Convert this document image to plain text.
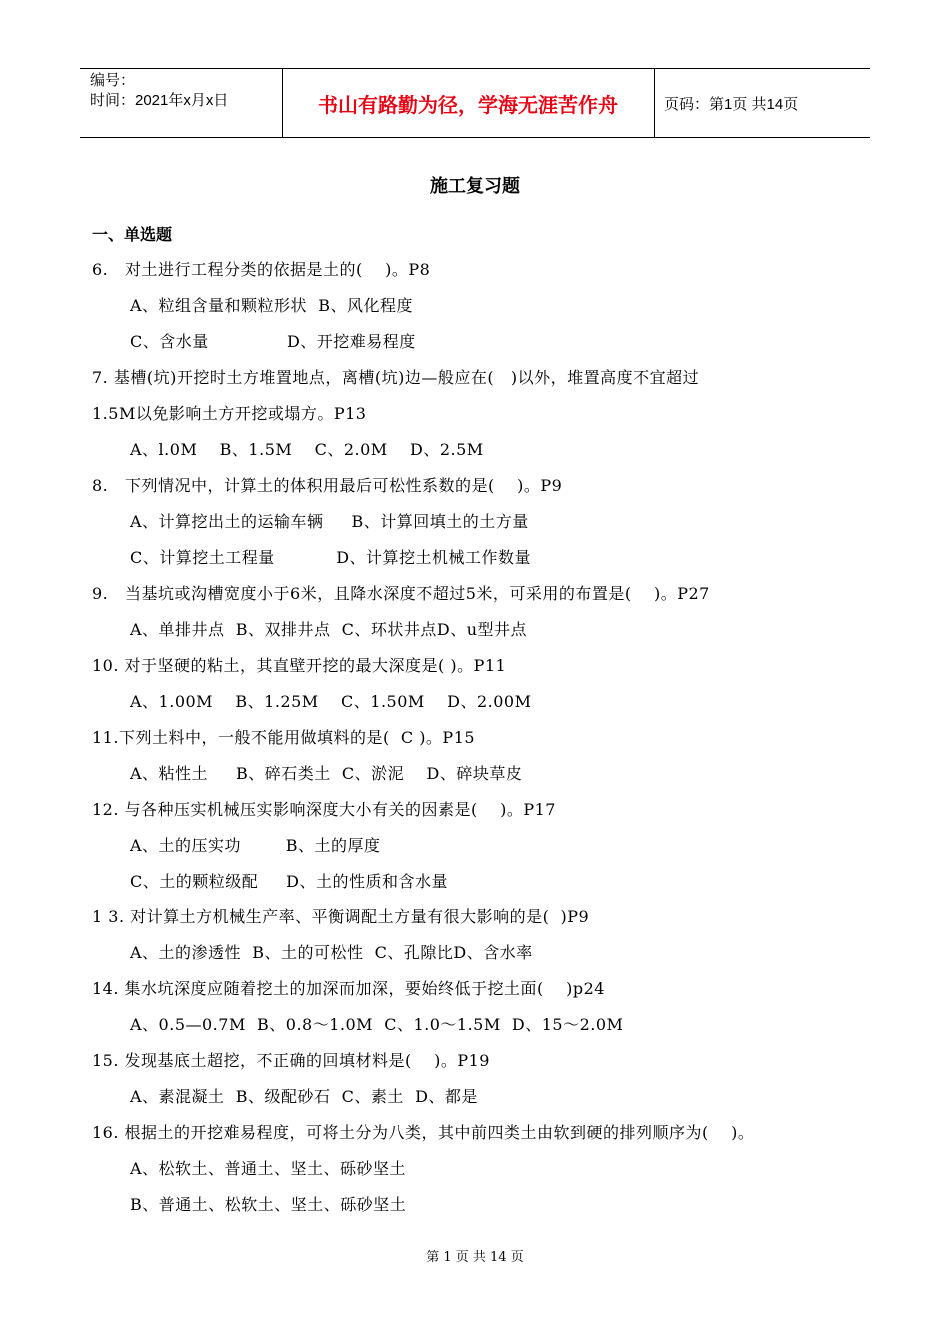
编号：
时间：2021年x月x日	书山有路勤为径，学海无涯苦作舟	页码：第1页 共14页
施工复习题
一、单选题
6.   对土进行工程分类的依据是土的(    )。P8
A、粒组含量和颗粒形状  B、风化程度
C、含水量              D、开挖难易程度
7. 基槽(坑)开挖时土方堆置地点，离槽(坑)边—般应在(   )以外，堆置高度不宜超过
1.5M以免影响土方开挖或塌方。P13
A、l.0M    B、1.5M    C、2.0M    D、2.5M
8.   下列情况中，计算土的体积用最后可松性系数的是(    )。P9
A、计算挖出土的运输车辆     B、计算回填土的土方量
C、计算挖土工程量           D、计算挖土机械工作数量
9.   当基坑或沟槽宽度小于6米，且降水深度不超过5米，可采用的布置是(    )。P27
A、单排井点  B、双排井点  C、环状井点D、u型井点
10. 对于坚硬的粘土，其直壁开挖的最大深度是( )。P11
A、1.00M    B、1.25M    C、1.50M    D、2.00M
11.下列土料中，一般不能用做填料的是(  C )。P15
A、粘性土     B、碎石类土  C、淤泥    D、碎块草皮
12. 与各种压实机械压实影响深度大小有关的因素是(    )。P17
A、土的压实功        B、土的厚度
C、土的颗粒级配     D、土的性质和含水量
1 3. 对计算土方机械生产率、平衡调配土方量有很大影响的是(  )P9
A、土的渗透性  B、土的可松性  C、孔隙比D、含水率
14. 集水坑深度应随着挖土的加深而加深，要始终低于挖土面(    )p24
A、0.5—0.7M  B、0.8～1.0M  C、1.0～1.5M  D、15～2.0M
15. 发现基底土超挖，不正确的回填材料是(    )。P19
A、素混凝土  B、级配砂石  C、素土  D、都是
16. 根据土的开挖难易程度，可将土分为八类，其中前四类土由软到硬的排列顺序为(    )。
A、松软土、普通土、坚土、砾砂坚土
B、普通土、松软土、坚土、砾砂坚土
第 1 页 共 14 页
